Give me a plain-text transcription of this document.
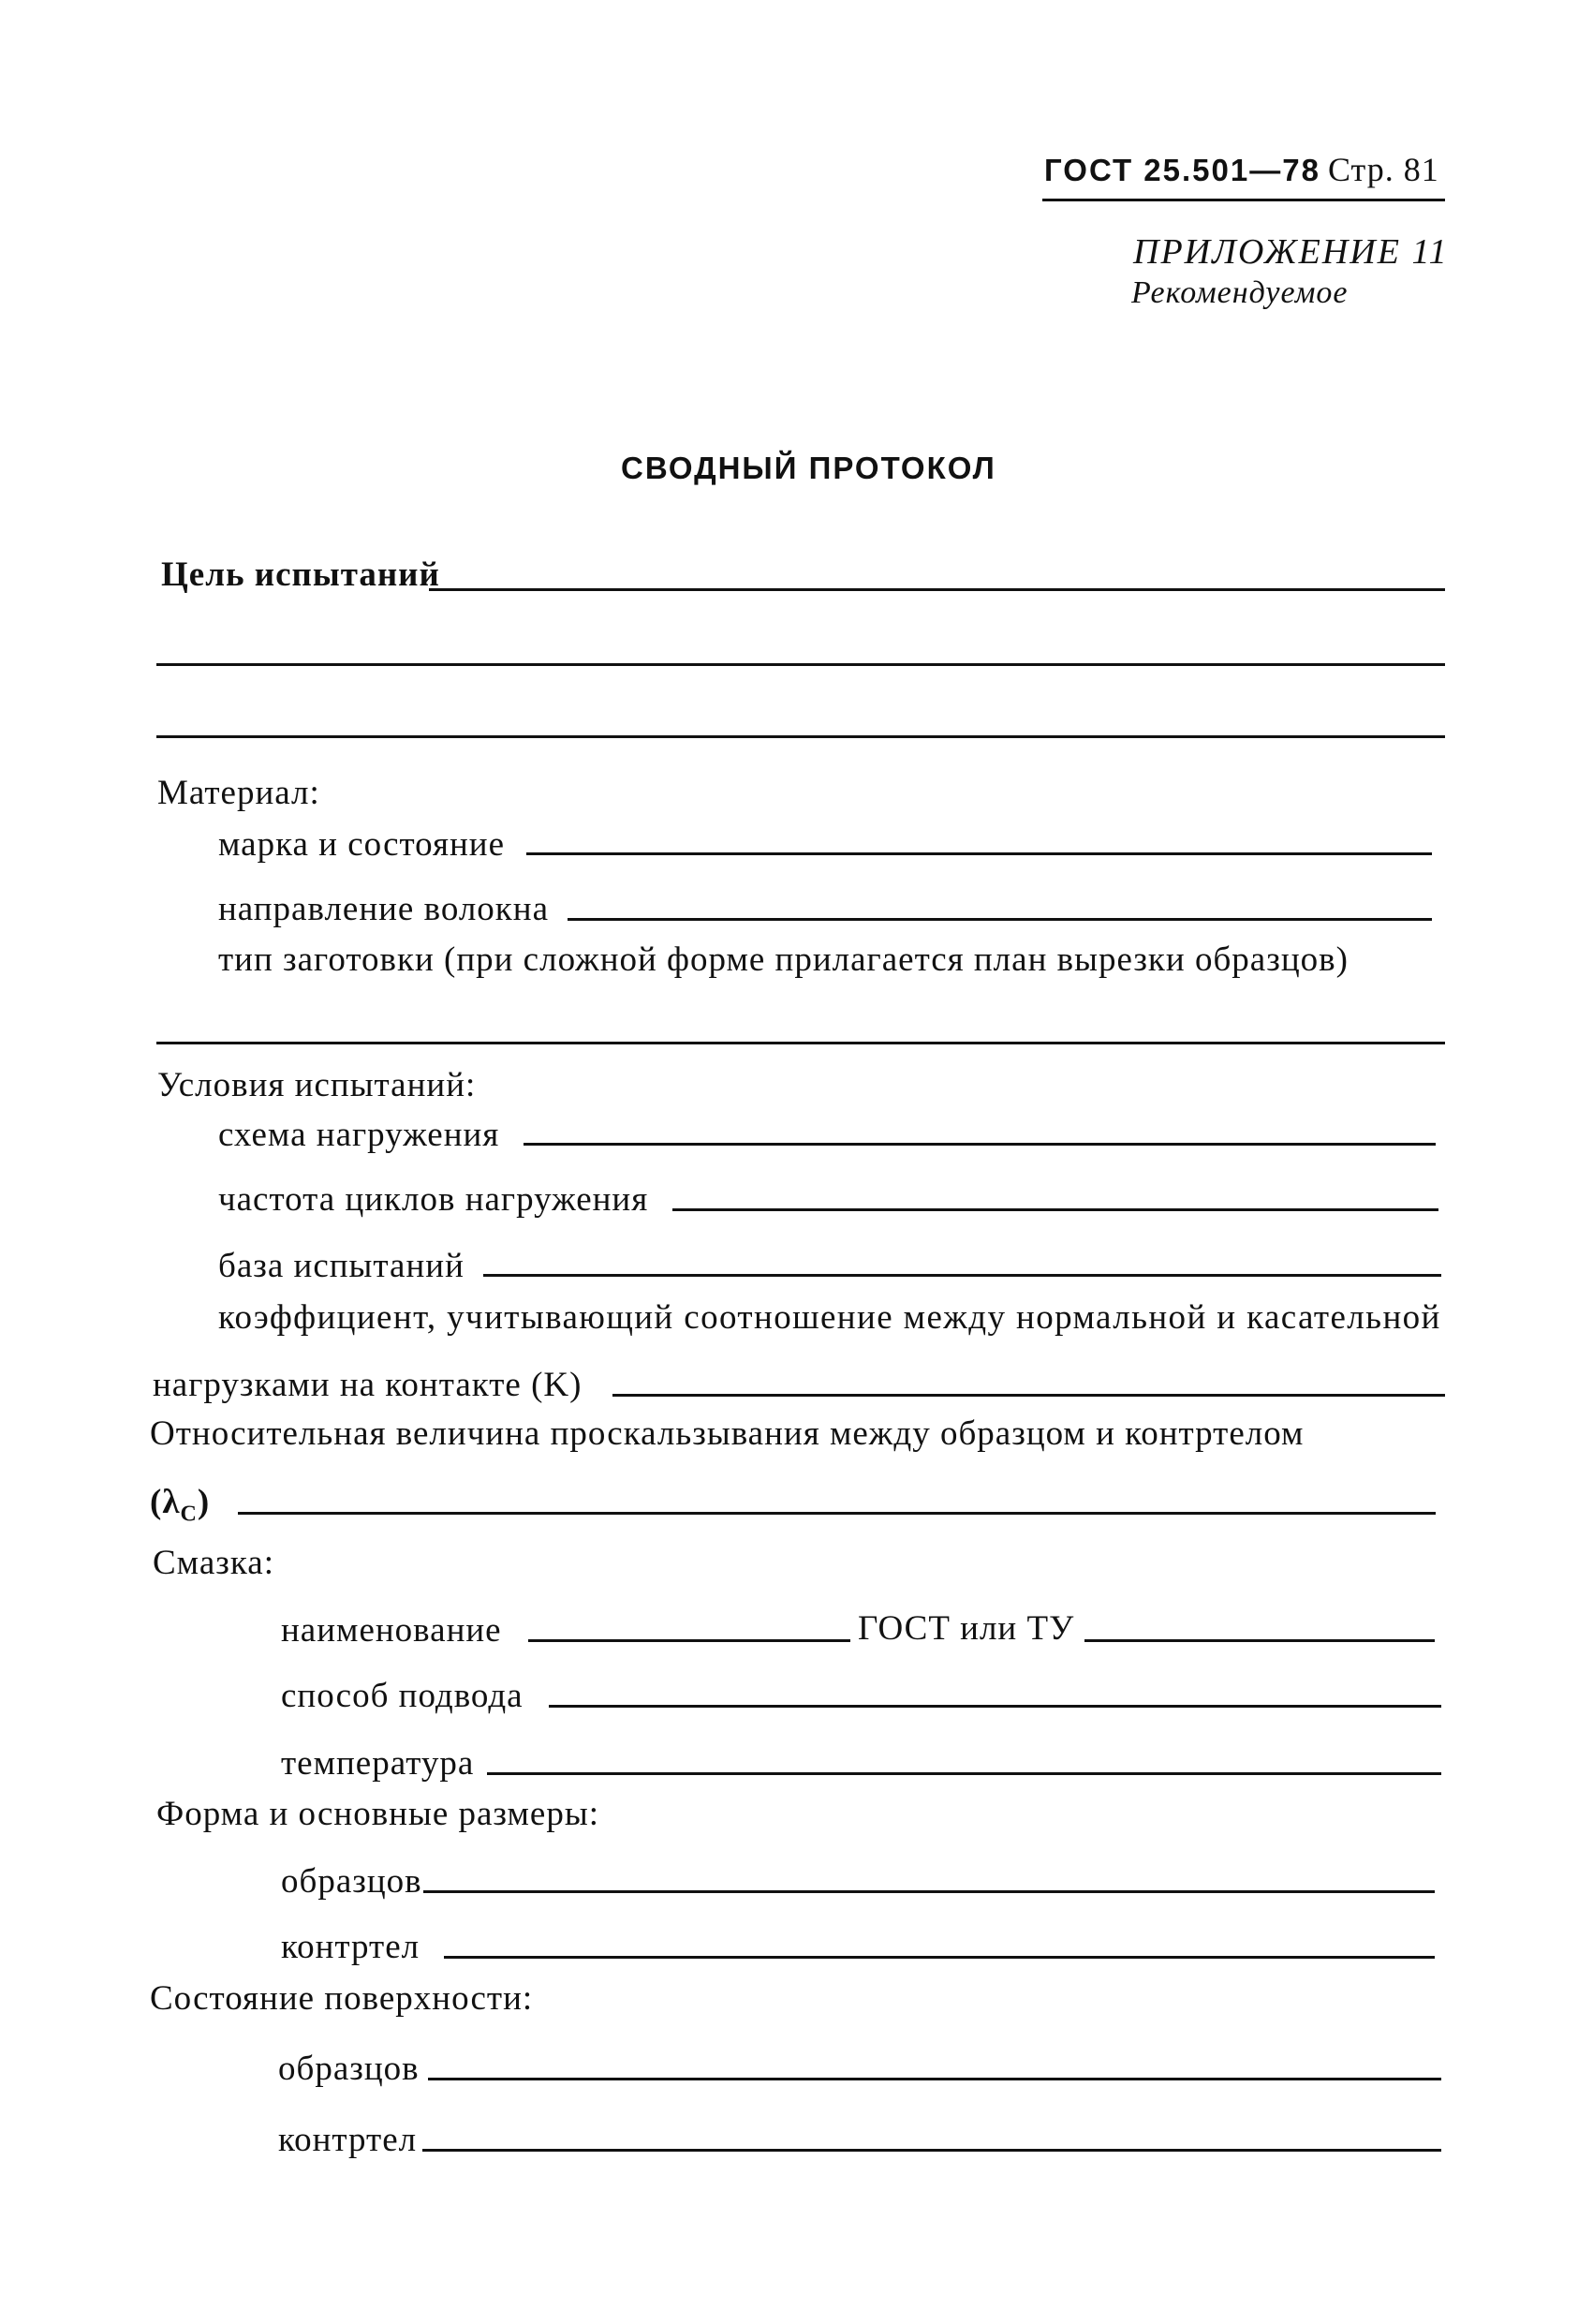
ГОСТ 25.501—78 Стр. 81
ПРИЛОЖЕНИЕ 11
Рекомендуемое
СВОДНЫЙ ПРОТОКОЛ
Цель испытаний
Материал:
марка и состояние
направление волокна
тип заготовки (при сложной форме прилагается план вырезки образцов)
Условия испытаний:
схема нагружения
частота циклов нагружения
база испытаний
коэффициент, учитывающий соотношение между нормальной и касательной
нагрузками на контакте (K)
Относительная величина проскальзывания между образцом и контртелом
$(\lambda_C)$
Смазка:
наименование	ГОСТ или ТУ
способ подвода
температура
Форма и основные размеры:
образцов
контртел
Состояние поверхности:
образцов
контртел
